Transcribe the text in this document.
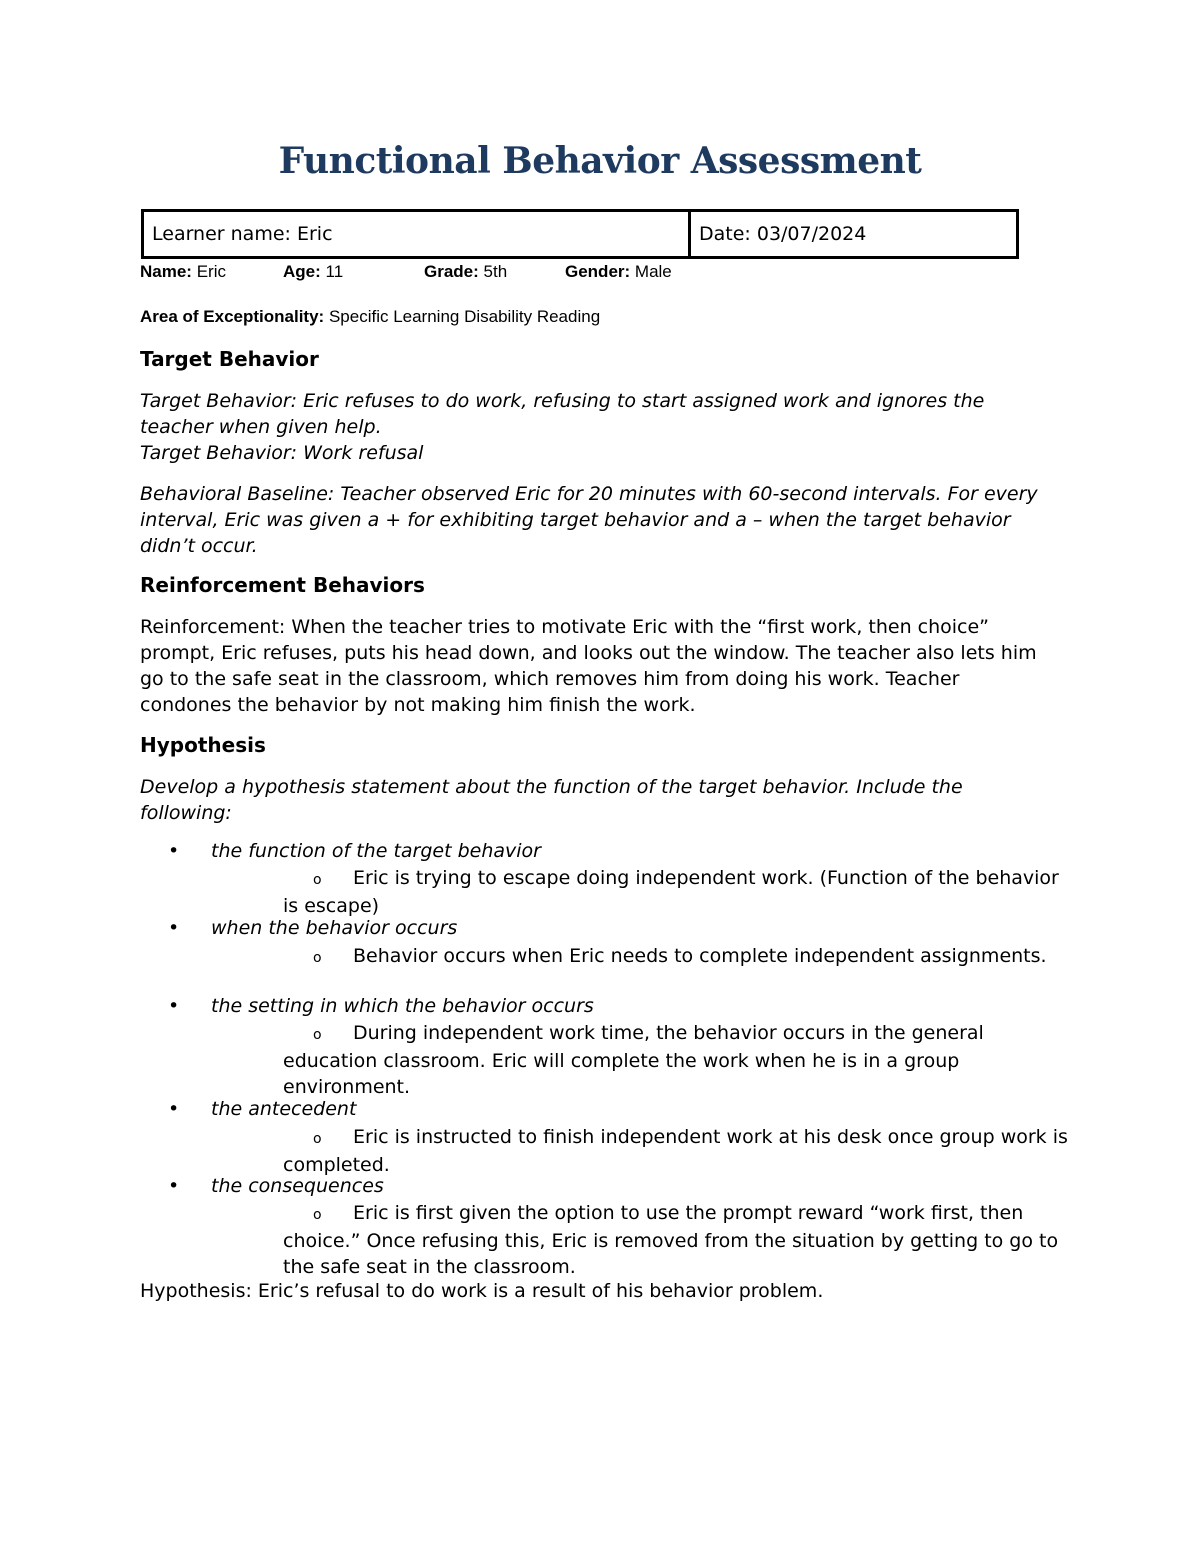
Functional Behavior Assessment
Learner name: Eric	Date: 03/07/2024
Name: Eric	Age: 11	Grade: 5th	Gender: Male
Area of Exceptionality: Specific Learning Disability Reading
Target Behavior

Target Behavior: Eric refuses to do work, refusing to start assigned work and ignores the teacher when given help.

Target Behavior: Work refusal

Behavioral Baseline: Teacher observed Eric for 20 minutes with 60-second intervals. For every interval, Eric was given a + for exhibiting target behavior and a – when the target behavior didn’t occur.

Reinforcement Behaviors

Reinforcement: When the teacher tries to motivate Eric with the “first work, then choice” prompt, Eric refuses, puts his head down, and looks out the window. The teacher also lets him go to the safe seat in the classroom, which removes him from doing his work. Teacher condones the behavior by not making him finish the work.

Hypothesis

Develop a hypothesis statement about the function of the target behavior. Include the following:

• the function of the target behavior

o Eric is trying to escape doing independent work. (Function of the behavior is escape)

• when the behavior occurs

o Behavior occurs when Eric needs to complete independent assignments.

• the setting in which the behavior occurs

o During independent work time, the behavior occurs in the general education classroom. Eric will complete the work when he is in a group environment.

• the antecedent

o Eric is instructed to finish independent work at his desk once group work is completed.

• the consequences

o Eric is first given the option to use the prompt reward “work first, then choice.” Once refusing this, Eric is removed from the situation by getting to go to the safe seat in the classroom.

Hypothesis: Eric’s refusal to do work is a result of his behavior problem.
